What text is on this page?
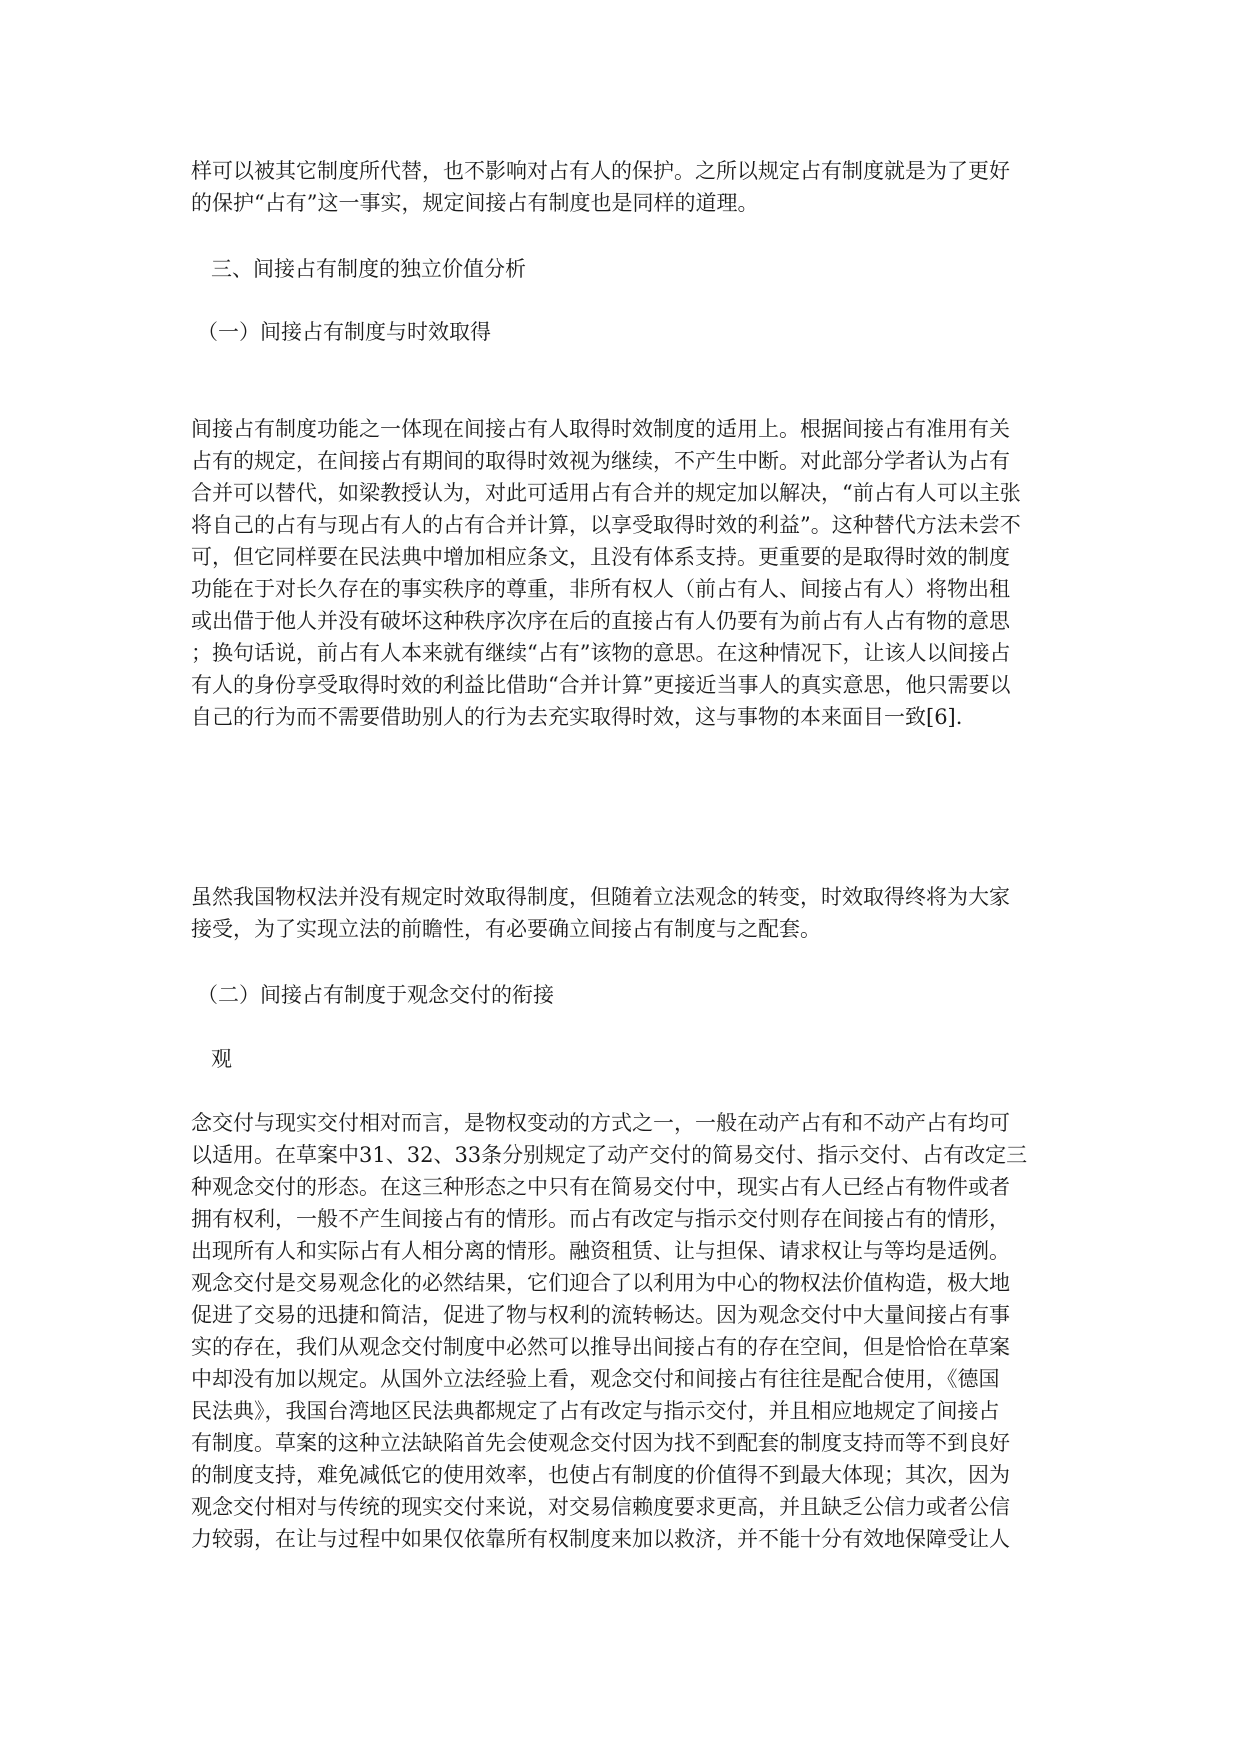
样可以被其它制度所代替，也不影响对占有人的保护。之所以规定占有制度就是为了更好
的保护“占有”这一事实，规定间接占有制度也是同样的道理。
三、间接占有制度的独立价值分析
（一）间接占有制度与时效取得
间接占有制度功能之一体现在间接占有人取得时效制度的适用上。根据间接占有准用有关
占有的规定，在间接占有期间的取得时效视为继续，不产生中断。对此部分学者认为占有
合并可以替代，如梁教授认为，对此可适用占有合并的规定加以解决，“前占有人可以主张
将自己的占有与现占有人的占有合并计算，以享受取得时效的利益”。这种替代方法未尝不
可，但它同样要在民法典中增加相应条文，且没有体系支持。更重要的是取得时效的制度
功能在于对长久存在的事实秩序的尊重，非所有权人（前占有人、间接占有人）将物出租
或出借于他人并没有破坏这种秩序次序在后的直接占有人仍要有为前占有人占有物的意思
；换句话说，前占有人本来就有继续“占有”该物的意思。在这种情况下，让该人以间接占
有人的身份享受取得时效的利益比借助“合并计算”更接近当事人的真实意思，他只需要以
自己的行为而不需要借助别人的行为去充实取得时效，这与事物的本来面目一致[6].
虽然我国物权法并没有规定时效取得制度，但随着立法观念的转变，时效取得终将为大家
接受，为了实现立法的前瞻性，有必要确立间接占有制度与之配套。
（二）间接占有制度于观念交付的衔接

观

念交付与现实交付相对而言，是物权变动的方式之一，一般在动产占有和不动产占有均可
以适用。在草案中31、32、33条分别规定了动产交付的简易交付、指示交付、占有改定三
种观念交付的形态。在这三种形态之中只有在简易交付中，现实占有人已经占有物件或者
拥有权利，一般不产生间接占有的情形。而占有改定与指示交付则存在间接占有的情形，
出现所有人和实际占有人相分离的情形。融资租赁、让与担保、请求权让与等均是适例。
观念交付是交易观念化的必然结果，它们迎合了以利用为中心的物权法价值构造，极大地
促进了交易的迅捷和简洁，促进了物与权利的流转畅达。因为观念交付中大量间接占有事
实的存在，我们从观念交付制度中必然可以推导出间接占有的存在空间，但是恰恰在草案
中却没有加以规定。从国外立法经验上看，观念交付和间接占有往往是配合使用，《德国
民法典》，我国台湾地区民法典都规定了占有改定与指示交付，并且相应地规定了间接占
有制度。草案的这种立法缺陷首先会使观念交付因为找不到配套的制度支持而等不到良好
的制度支持，难免减低它的使用效率，也使占有制度的价值得不到最大体现；其次，因为
观念交付相对与传统的现实交付来说，对交易信赖度要求更高，并且缺乏公信力或者公信
力较弱，在让与过程中如果仅依靠所有权制度来加以救济，并不能十分有效地保障受让人
